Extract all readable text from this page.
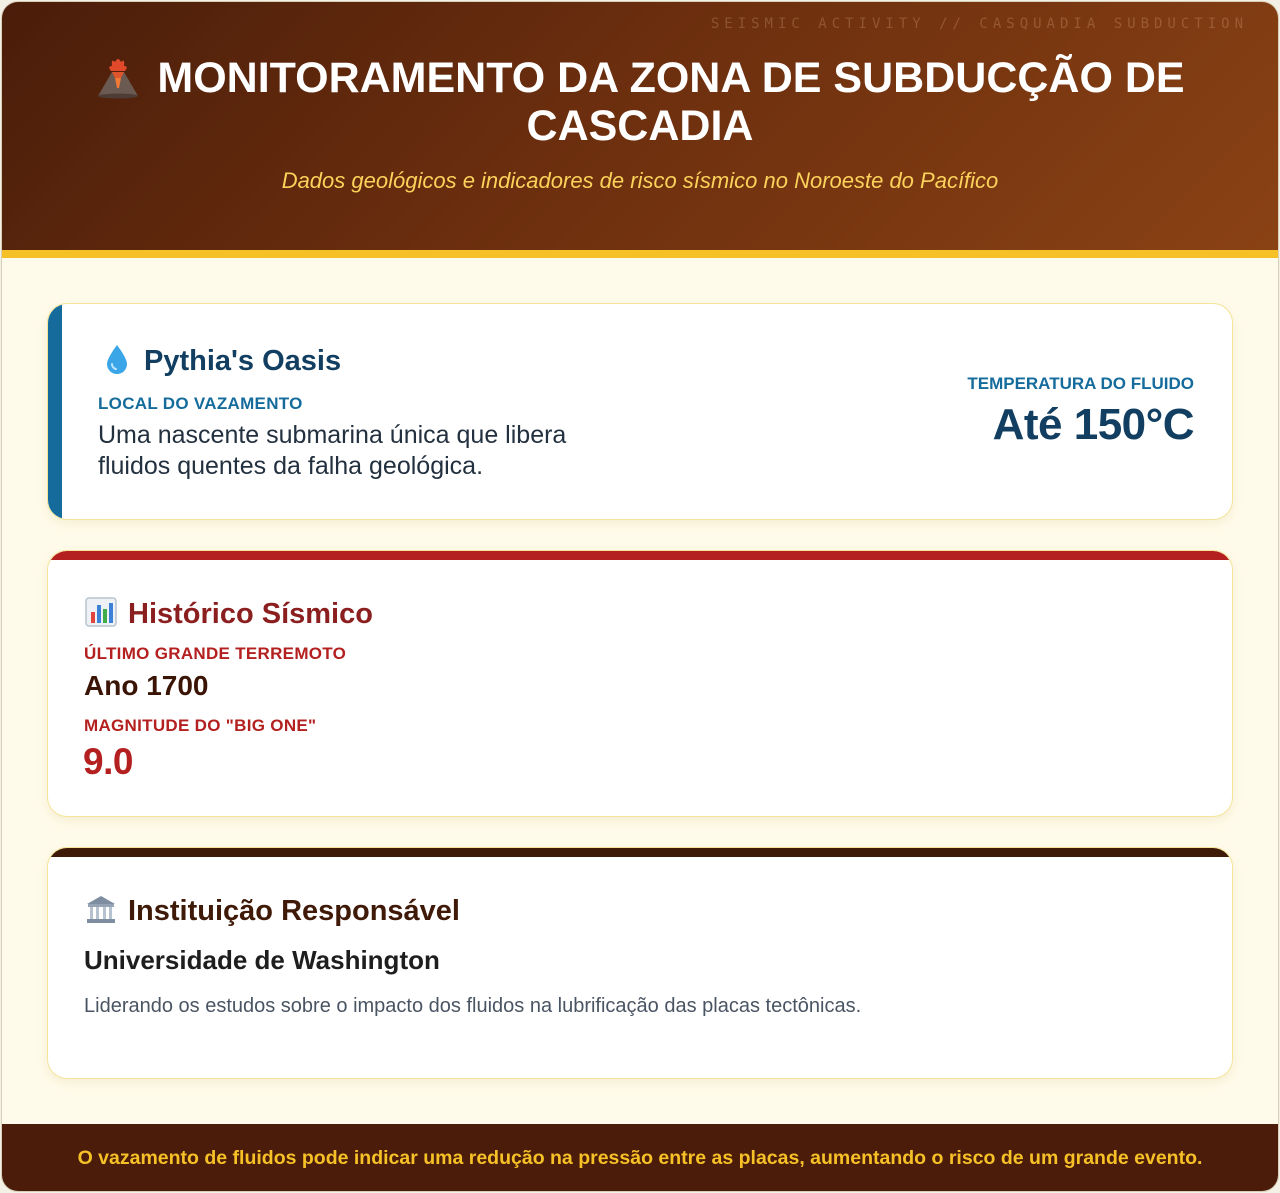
SEISMIC ACTIVITY // CASQUADIA SUBDUCTION
MONITORAMENTO DA ZONA DE SUBDUCÇÃO DE CASCADIA
Dados geológicos e indicadores de risco sísmico no Noroeste do Pacífico
Pythia's Oasis
LOCAL DO VAZAMENTO
Uma nascente submarina única que libera fluidos quentes da falha geológica.
TEMPERATURA DO FLUIDO
Até 150°C
Histórico Sísmico
ÚLTIMO GRANDE TERREMOTO
Ano 1700
MAGNITUDE DO "BIG ONE"
9.0
Instituição Responsável
Universidade de Washington
Liderando os estudos sobre o impacto dos fluidos na lubrificação das placas tectônicas.
O vazamento de fluidos pode indicar uma redução na pressão entre as placas, aumentando o risco de um grande evento.
